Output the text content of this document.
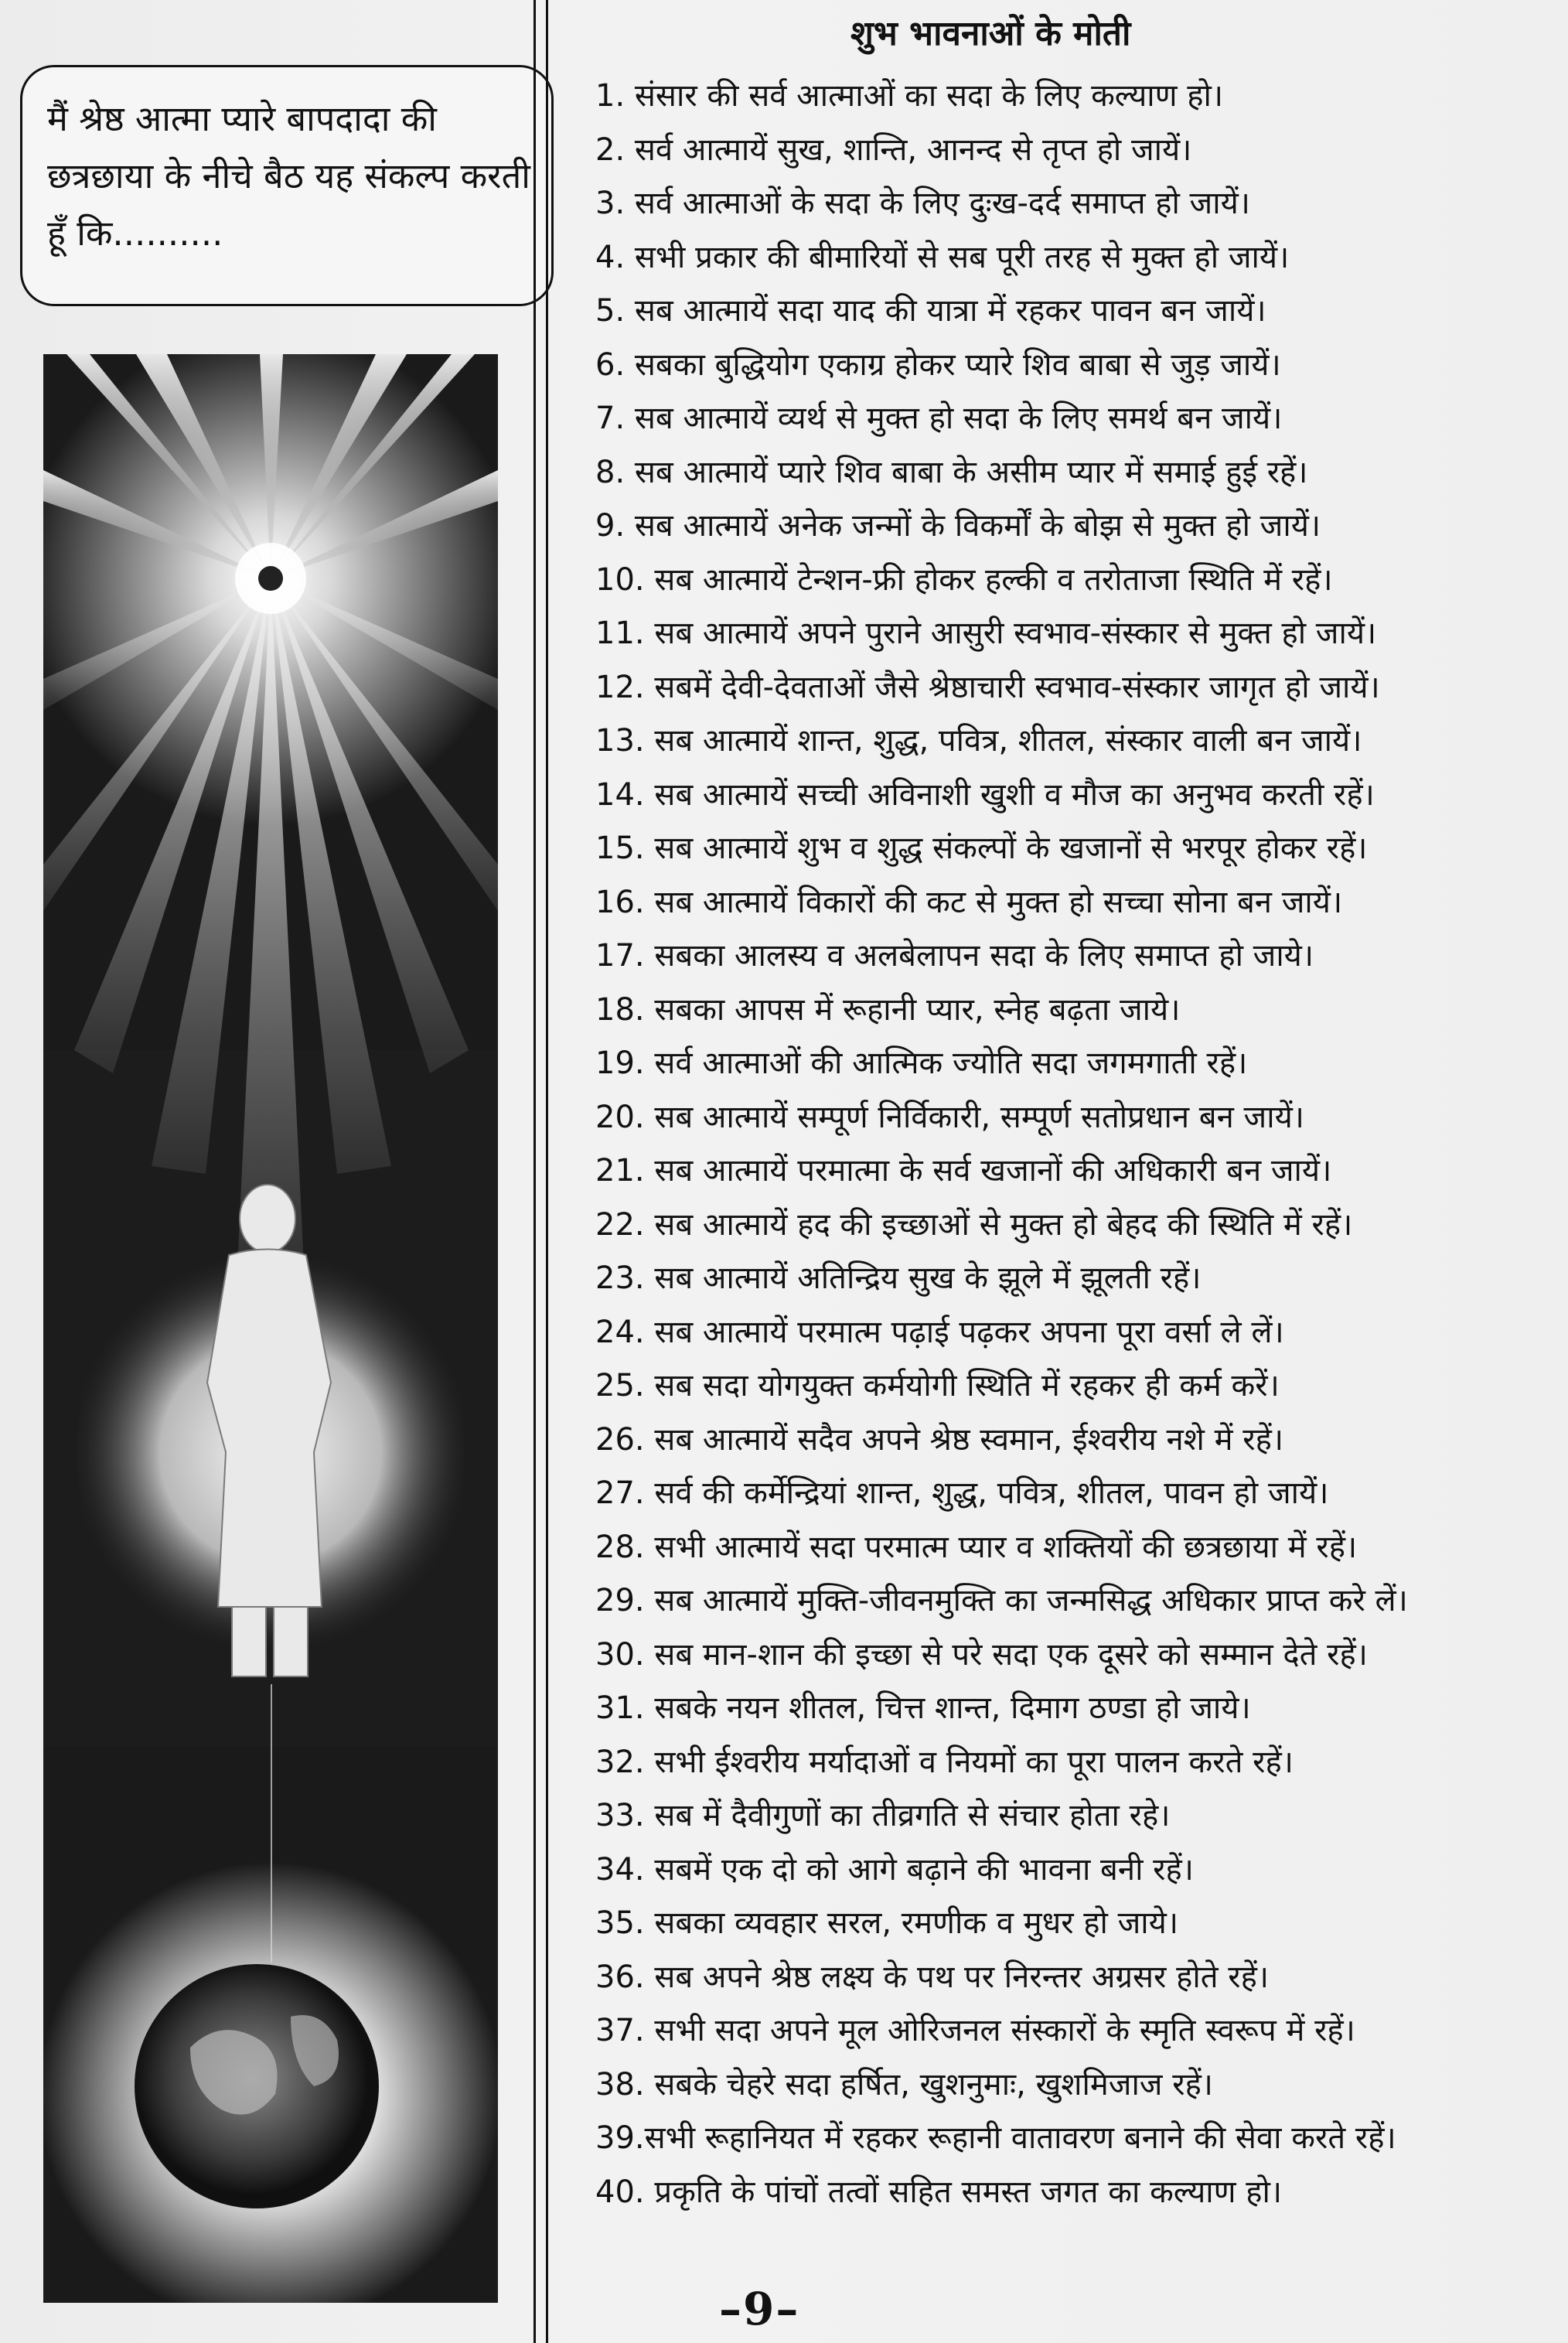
मैं श्रेष्ठ आत्मा प्यारे बापदादा की छत्रछाया के नीचे बैठ यह संकल्प करती हूँ कि..........
शुभ भावनाओं के मोती
1. संसार की सर्व आत्माओं का सदा के लिए कल्याण हो।
2. सर्व आत्मायें सुख, शान्ति, आनन्द से तृप्त हो जायें।
3. सर्व आत्माओं के सदा के लिए दुःख-दर्द समाप्त हो जायें।
4. सभी प्रकार की बीमारियों से सब पूरी तरह से मुक्त हो जायें।
5. सब आत्मायें सदा याद की यात्रा में रहकर पावन बन जायें।
6. सबका बुद्धियोग एकाग्र होकर प्यारे शिव बाबा से जुड़ जायें।
7. सब आत्मायें व्यर्थ से मुक्त हो सदा के लिए समर्थ बन जायें।
8. सब आत्मायें प्यारे शिव बाबा के असीम प्यार में समाई हुई रहें।
9. सब आत्मायें अनेक जन्मों के विकर्मों के बोझ से मुक्त हो जायें।
10. सब आत्मायें टेन्शन-फ्री होकर हल्की व तरोताजा स्थिति में रहें।
11. सब आत्मायें अपने पुराने आसुरी स्वभाव-संस्कार से मुक्त हो जायें।
12. सबमें देवी-देवताओं जैसे श्रेष्ठाचारी स्वभाव-संस्कार जागृत हो जायें।
13. सब आत्मायें शान्त, शुद्ध, पवित्र, शीतल, संस्कार वाली बन जायें।
14. सब आत्मायें सच्ची अविनाशी खुशी व मौज का अनुभव करती रहें।
15. सब आत्मायें शुभ व शुद्ध संकल्पों के खजानों से भरपूर होकर रहें।
16. सब आत्मायें विकारों की कट से मुक्त हो सच्चा सोना बन जायें।
17. सबका आलस्य व अलबेलापन सदा के लिए समाप्त हो जाये।
18. सबका आपस में रूहानी प्यार, स्नेह बढ़ता जाये।
19. सर्व आत्माओं की आत्मिक ज्योति सदा जगमगाती रहें।
20. सब आत्मायें सम्पूर्ण निर्विकारी, सम्पूर्ण सतोप्रधान बन जायें।
21. सब आत्मायें परमात्मा के सर्व खजानों की अधिकारी बन जायें।
22. सब आत्मायें हद की इच्छाओं से मुक्त हो बेहद की स्थिति में रहें।
23. सब आत्मायें अतिन्द्रिय सुख के झूले में झूलती रहें।
24. सब आत्मायें परमात्म पढ़ाई पढ़कर अपना पूरा वर्सा ले लें।
25. सब सदा योगयुक्त कर्मयोगी स्थिति में रहकर ही कर्म करें।
26. सब आत्मायें सदैव अपने श्रेष्ठ स्वमान, ईश्वरीय नशे में रहें।
27. सर्व की कर्मेन्द्रियां शान्त, शुद्ध, पवित्र, शीतल, पावन हो जायें।
28. सभी आत्मायें सदा परमात्म प्यार व शक्तियों की छत्रछाया में रहें।
29. सब आत्मायें मुक्ति-जीवनमुक्ति का जन्मसिद्ध अधिकार प्राप्त करे लें।
30. सब मान-शान की इच्छा से परे सदा एक दूसरे को सम्मान देते रहें।
31. सबके नयन शीतल, चित्त शान्त, दिमाग ठण्डा हो जाये।
32. सभी ईश्वरीय मर्यादाओं व नियमों का पूरा पालन करते रहें।
33. सब में दैवीगुणों का तीव्रगति से संचार होता रहे।
34. सबमें एक दो को आगे बढ़ाने की भावना बनी रहें।
35. सबका व्यवहार सरल, रमणीक व मुधर हो जाये।
36. सब अपने श्रेष्ठ लक्ष्य के पथ पर निरन्तर अग्रसर होते रहें।
37. सभी सदा अपने मूल ओरिजनल संस्कारों के स्मृति स्वरूप में रहें।
38. सबके चेहरे सदा हर्षित, खुशनुमाः, खुशमिजाज रहें।
39.सभी रूहानियत में रहकर रूहानी वातावरण बनाने की सेवा करते रहें।
40. प्रकृति के पांचों तत्वों सहित समस्त जगत का कल्याण हो।
–9–
